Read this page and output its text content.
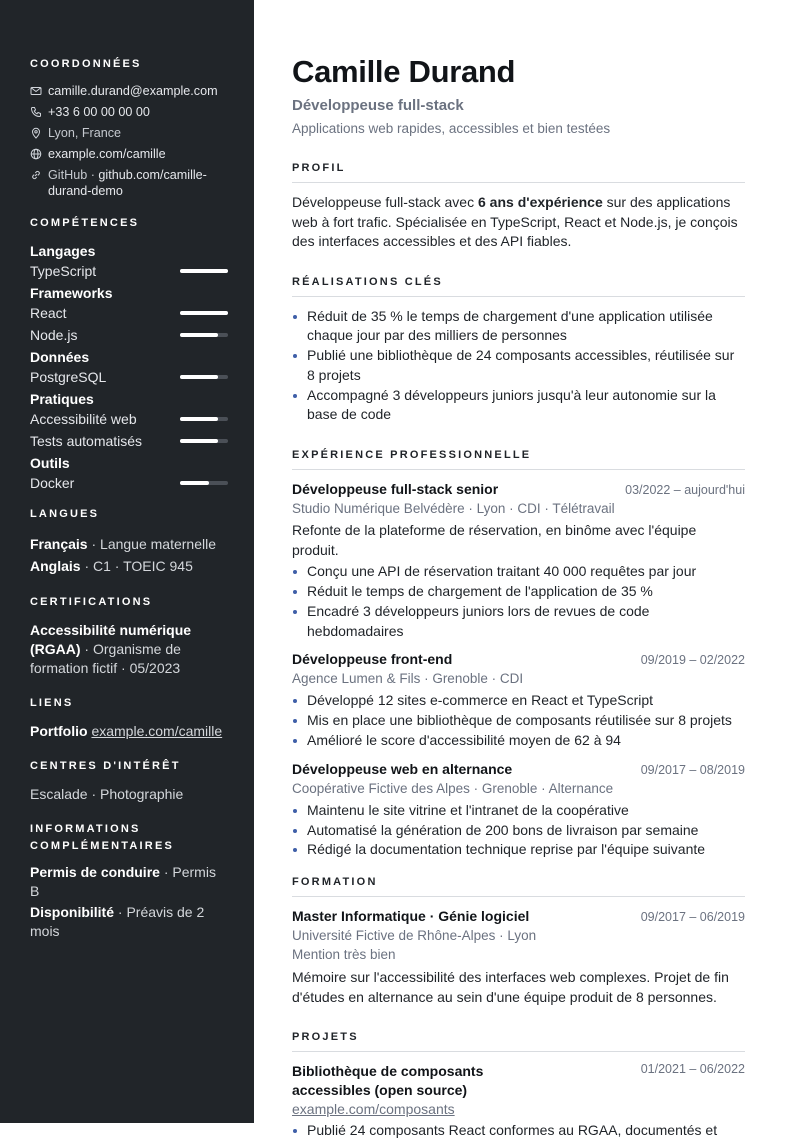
COORDONNÉES
camille.durand@example.com
+33 6 00 00 00 00
Lyon, France
example.com/camille
GitHub · github.com/camille-durand-demo
COMPÉTENCES
Langages
TypeScript
Frameworks
React
Node.js
Données
PostgreSQL
Pratiques
Accessibilité web
Tests automatisés
Outils
Docker
LANGUES
Français · Langue maternelle
Anglais · C1 · TOEIC 945
CERTIFICATIONS
Accessibilité numérique (RGAA) · Organisme de formation fictif · 05/2023
LIENS
Portfolio example.com/camille
CENTRES D'INTÉRÊT
Escalade · Photographie
INFORMATIONS COMPLÉMENTAIRES
Permis de conduire · Permis B
Disponibilité · Préavis de 2 mois
Camille Durand
Développeuse full-stack
Applications web rapides, accessibles et bien testées
PROFIL

Développeuse full-stack avec 6 ans d'expérience sur des applications web à fort trafic. Spécialisée en TypeScript, React et Node.js, je conçois des interfaces accessibles et des API fiables.

RÉALISATIONS CLÉS
Réduit de 35 % le temps de chargement d'une application utilisée chaque jour par des milliers de personnes
Publié une bibliothèque de 24 composants accessibles, réutilisée sur 8 projets
Accompagné 3 développeurs juniors jusqu'à leur autonomie sur la base de code
EXPÉRIENCE PROFESSIONNELLE
Développeuse full-stack senior	03/2022 – aujourd'hui
Studio Numérique Belvédère · Lyon · CDI · Télétravail
Refonte de la plateforme de réservation, en binôme avec l'équipe produit.
Conçu une API de réservation traitant 40 000 requêtes par jour
Réduit le temps de chargement de l'application de 35 %
Encadré 3 développeurs juniors lors de revues de code hebdomadaires
Développeuse front-end	09/2019 – 02/2022
Agence Lumen & Fils · Grenoble · CDI
Développé 12 sites e-commerce en React et TypeScript
Mis en place une bibliothèque de composants réutilisée sur 8 projets
Amélioré le score d'accessibilité moyen de 62 à 94
Développeuse web en alternance	09/2017 – 08/2019
Coopérative Fictive des Alpes · Grenoble · Alternance
Maintenu le site vitrine et l'intranet de la coopérative
Automatisé la génération de 200 bons de livraison par semaine
Rédigé la documentation technique reprise par l'équipe suivante
FORMATION
Master Informatique · Génie logiciel	09/2017 – 06/2019
Université Fictive de Rhône-Alpes · Lyon
Mention très bien

Mémoire sur l'accessibilité des interfaces web complexes. Projet de fin d'études en alternance au sein d'une équipe produit de 8 personnes.

PROJETS
Bibliothèque de composants accessibles (open source)
01/2021 – 06/2022
example.com/composants
Publié 24 composants React conformes au RGAA, documentés et
